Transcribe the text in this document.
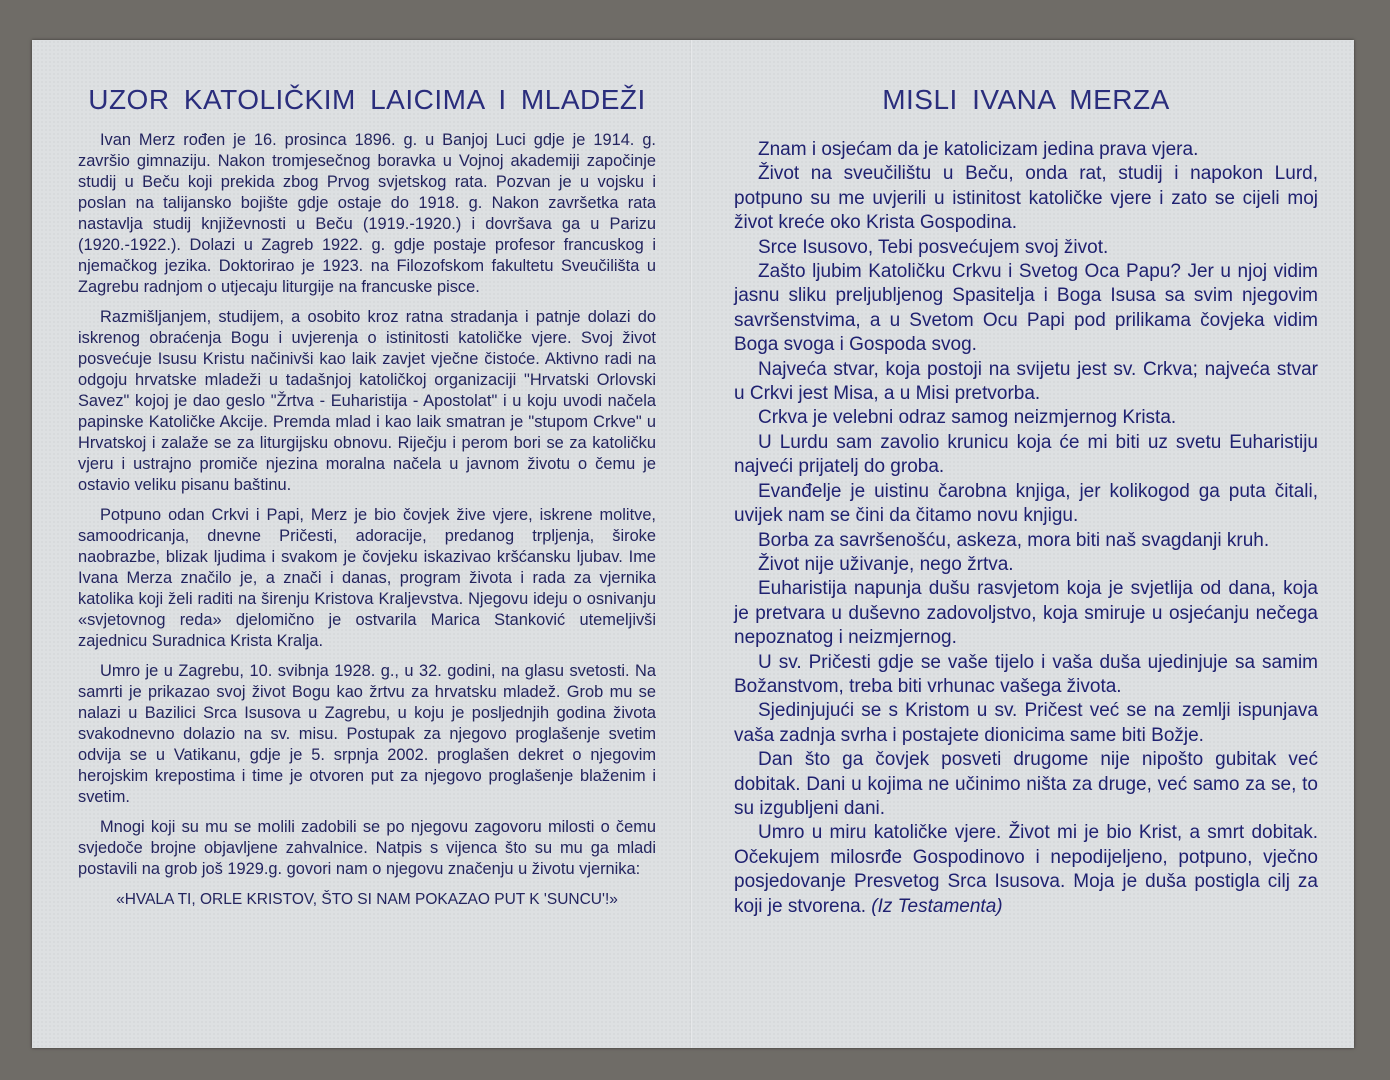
UZOR KATOLIČKIM LAICIMA I MLADEŽI

Ivan Merz rođen je 16. prosinca 1896. g. u Banjoj Luci gdje je 1914. g. završio gimnaziju. Nakon tromjesečnog boravka u Vojnoj akademiji započinje studij u Beču koji prekida zbog Prvog svjetskog rata. Pozvan je u vojsku i poslan na talijansko bojište gdje ostaje do 1918. g. Nakon završetka rata nastavlja studij književnosti u Beču (1919.-1920.) i dovršava ga u Parizu (1920.-1922.). Dolazi u Zagreb 1922. g. gdje postaje profesor francuskog i njemačkog jezika. Doktorirao je 1923. na Filozofskom fakultetu Sveučilišta u Zagrebu radnjom o utjecaju liturgije na francuske pisce.

Razmišljanjem, studijem, a osobito kroz ratna stradanja i patnje dolazi do iskrenog obraćenja Bogu i uvjerenja o istinitosti katoličke vjere. Svoj život posvećuje Isusu Kristu načinivši kao laik zavjet vječne čistoće. Aktivno radi na odgoju hrvatske mladeži u tadašnjoj katoličkoj organizaciji "Hrvatski Orlovski Savez" kojoj je dao geslo "Žrtva - Euharistija - Apostolat" i u koju uvodi načela papinske Katoličke Akcije. Premda mlad i kao laik smatran je "stupom Crkve" u Hrvatskoj i zalaže se za liturgijsku obnovu. Riječju i perom bori se za katoličku vjeru i ustrajno promiče njezina moralna načela u javnom životu o čemu je ostavio veliku pisanu baštinu.

Potpuno odan Crkvi i Papi, Merz je bio čovjek žive vjere, iskrene molitve, samoodricanja, dnevne Pričesti, adoracije, predanog trpljenja, široke naobrazbe, blizak ljudima i svakom je čovjeku iskazivao kršćansku ljubav. Ime Ivana Merza značilo je, a znači i danas, program života i rada za vjernika katolika koji želi raditi na širenju Kristova Kraljevstva. Njegovu ideju o osnivanju «svjetovnog reda» djelomično je ostvarila Marica Stanković utemeljivši zajednicu Suradnica Krista Kralja.

Umro je u Zagrebu, 10. svibnja 1928. g., u 32. godini, na glasu svetosti. Na samrti je prikazao svoj život Bogu kao žrtvu za hrvatsku mladež. Grob mu se nalazi u Bazilici Srca Isusova u Zagrebu, u koju je posljednjih godina života svakodnevno dolazio na sv. misu. Postupak za njegovo proglašenje svetim odvija se u Vatikanu, gdje je 5. srpnja 2002. proglašen dekret o njegovim herojskim krepostima i time je otvoren put za njegovo proglašenje blaženim i svetim.

Mnogi koji su mu se molili zadobili se po njegovu zagovoru milosti o čemu svjedoče brojne objavljene zahvalnice. Natpis s vijenca što su mu ga mladi postavili na grob još 1929.g. govori nam o njegovu značenju u životu vjernika:

«HVALA TI, ORLE KRISTOV, ŠTO SI NAM POKAZAO PUT K 'SUNCU'!»

MISLI IVANA MERZA

Znam i osjećam da je katolicizam jedina prava vjera.

Život na sveučilištu u Beču, onda rat, studij i napokon Lurd, potpuno su me uvjerili u istinitost katoličke vjere i zato se cijeli moj život kreće oko Krista Gospodina.

Srce Isusovo, Tebi posvećujem svoj život.

Zašto ljubim Katoličku Crkvu i Svetog Oca Papu? Jer u njoj vidim jasnu sliku preljubljenog Spasitelja i Boga Isusa sa svim njegovim savršenstvima, a u Svetom Ocu Papi pod prilikama čovjeka vidim Boga svoga i Gospoda svog.

Najveća stvar, koja postoji na svijetu jest sv. Crkva; najveća stvar u Crkvi jest Misa, a u Misi pretvorba.

Crkva je velebni odraz samog neizmjernog Krista.

U Lurdu sam zavolio krunicu koja će mi biti uz svetu Euharistiju najveći prijatelj do groba.

Evanđelje je uistinu čarobna knjiga, jer kolikogod ga puta čitali, uvijek nam se čini da čitamo novu knjigu.

Borba za savršenošću, askeza, mora biti naš svagdanji kruh.

Život nije uživanje, nego žrtva.

Euharistija napunja dušu rasvjetom koja je svjetlija od dana, koja je pretvara u duševno zadovoljstvo, koja smiruje u osjećanju nečega nepoznatog i neizmjernog.

U sv. Pričesti gdje se vaše tijelo i vaša duša ujedinjuje sa samim Božanstvom, treba biti vrhunac vašega života.

Sjedinjujući se s Kristom u sv. Pričest već se na zemlji ispunjava vaša zadnja svrha i postajete dionicima same biti Božje.

Dan što ga čovjek posveti drugome nije nipošto gubitak već dobitak. Dani u kojima ne učinimo ništa za druge, već samo za se, to su izgubljeni dani.

Umro u miru katoličke vjere. Život mi je bio Krist, a smrt dobitak. Očekujem milosrđe Gospodinovo i nepodijeljeno, potpuno, vječno posjedovanje Presvetog Srca Isusova. Moja je duša postigla cilj za koji je stvorena. (Iz Testamenta)
